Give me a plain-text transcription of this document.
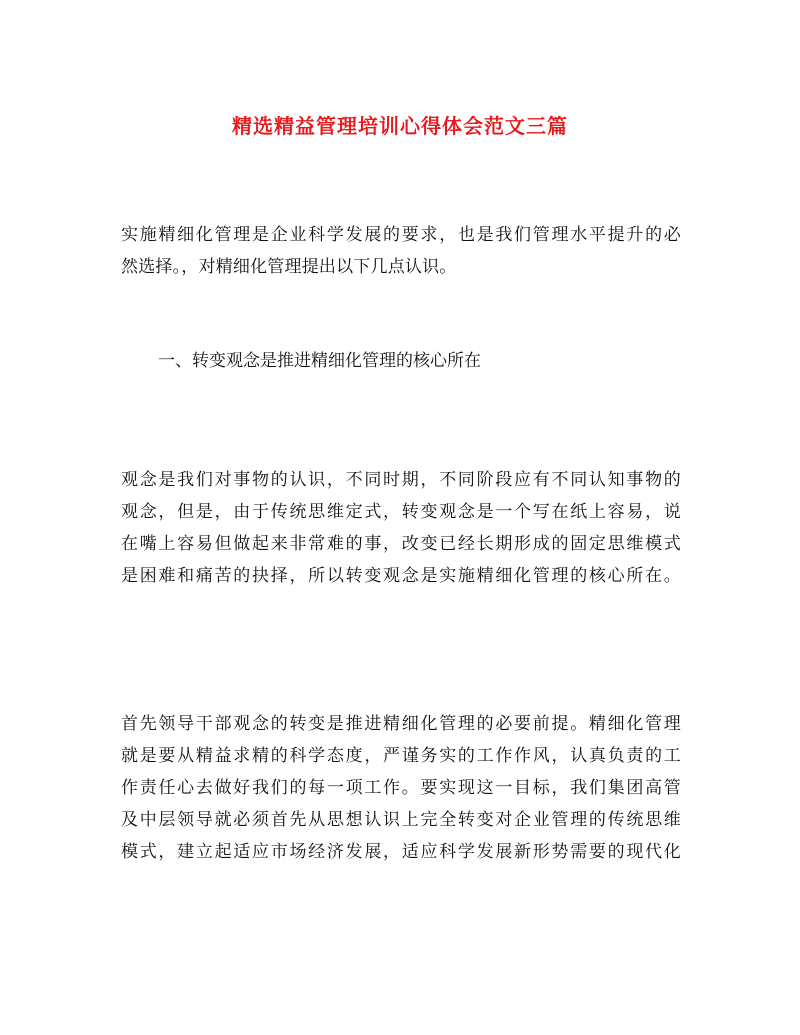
精选精益管理培训心得体会范文三篇
实施精细化管理是企业科学发展的要求，也是我们管理水平提升的必
然选择。，对精细化管理提出以下几点认识。
一、转变观念是推进精细化管理的核心所在
观念是我们对事物的认识，不同时期，不同阶段应有不同认知事物的
观念，但是，由于传统思维定式，转变观念是一个写在纸上容易，说
在嘴上容易但做起来非常难的事，改变已经长期形成的固定思维模式
是困难和痛苦的抉择，所以转变观念是实施精细化管理的核心所在。
首先领导干部观念的转变是推进精细化管理的必要前提。精细化管理
就是要从精益求精的科学态度，严谨务实的工作作风，认真负责的工
作责任心去做好我们的每一项工作。要实现这一目标，我们集团高管
及中层领导就必须首先从思想认识上完全转变对企业管理的传统思维
模式，建立起适应市场经济发展，适应科学发展新形势需要的现代化
